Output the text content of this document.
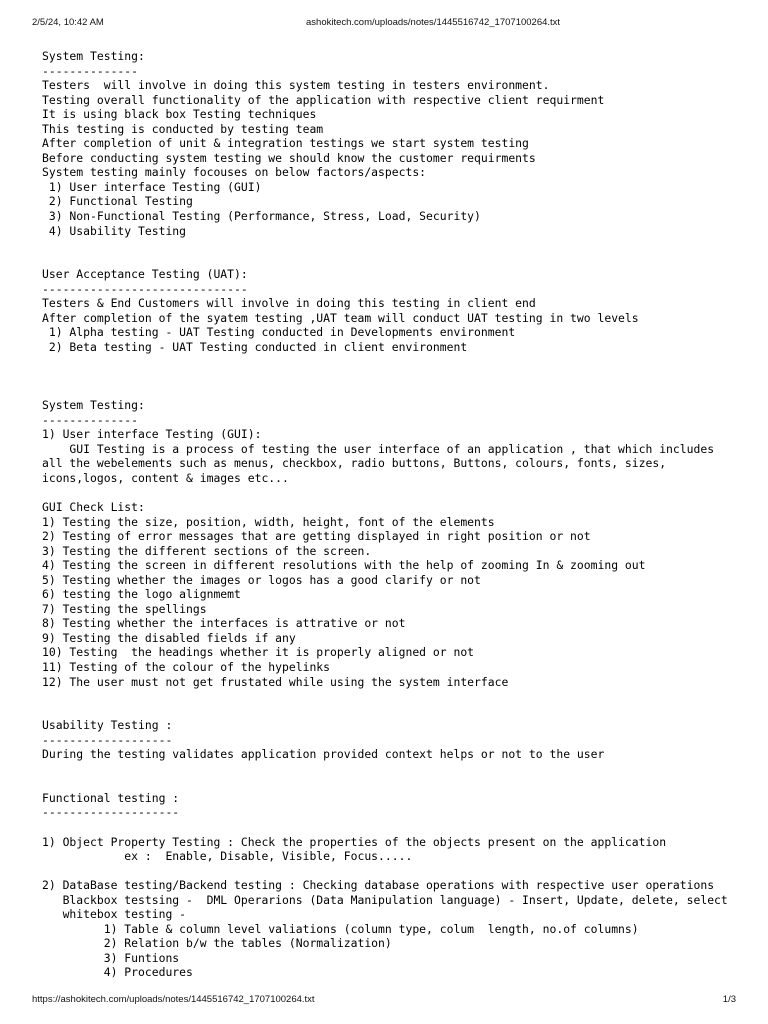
2/5/24, 10:42 AM	ashokitech.com/uploads/notes/1445516742_1707100264.txt
System Testing:
--------------
Testers  will involve in doing this system testing in testers environment.
Testing overall functionality of the application with respective client requirment
It is using black box Testing techniques
This testing is conducted by testing team
After completion of unit & integration testings we start system testing
Before conducting system testing we should know the customer requirments
System testing mainly focouses on below factors/aspects:
1) User interface Testing (GUI)
2) Functional Testing
3) Non-Functional Testing (Performance, Stress, Load, Security)
4) Usability Testing
User Acceptance Testing (UAT):
------------------------------
Testers & End Customers will involve in doing this testing in client end
After completion of the syatem testing ,UAT team will conduct UAT testing in two levels
1) Alpha testing - UAT Testing conducted in Developments environment
2) Beta testing - UAT Testing conducted in client environment
System Testing:
--------------
1) User interface Testing (GUI):
GUI Testing is a process of testing the user interface of an application , that which includes
all the webelements such as menus, checkbox, radio buttons, Buttons, colours, fonts, sizes,
icons,logos, content & images etc...
GUI Check List:
1) Testing the size, position, width, height, font of the elements
2) Testing of error messages that are getting displayed in right position or not
3) Testing the different sections of the screen.
4) Testing the screen in different resolutions with the help of zooming In & zooming out
5) Testing whether the images or logos has a good clarify or not
6) testing the logo alignmemt
7) Testing the spellings
8) Testing whether the interfaces is attrative or not
9) Testing the disabled fields if any
10) Testing  the headings whether it is properly aligned or not
11) Testing of the colour of the hypelinks
12) The user must not get frustated while using the system interface
Usability Testing :
-------------------
During the testing validates application provided context helps or not to the user
Functional testing :
--------------------
1) Object Property Testing : Check the properties of the objects present on the application
ex :  Enable, Disable, Visible, Focus.....
2) DataBase testing/Backend testing : Checking database operations with respective user operations
Blackbox testsing -  DML Operarions (Data Manipulation language) - Insert, Update, delete, select
whitebox testing -
1) Table & column level valiations (column type, colum  length, no.of columns)
2) Relation b/w the tables (Normalization)
3) Funtions
4) Procedures
https://ashokitech.com/uploads/notes/1445516742_1707100264.txt	1/3
